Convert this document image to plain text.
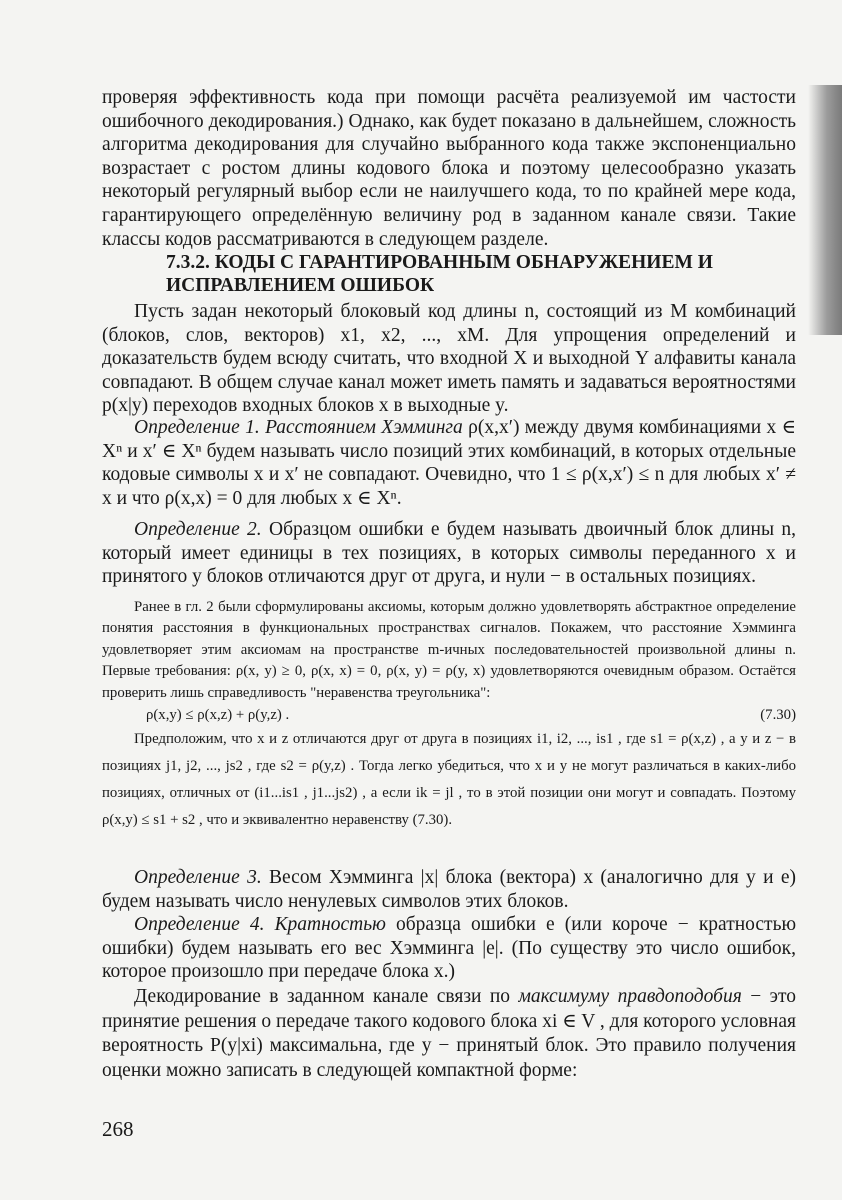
проверяя эффективность кода при помощи расчёта реализуемой им частости ошибочного декодирования.) Однако, как будет показано в дальнейшем, сложность алгоритма декодирования для случайно выбранного кода также экспоненциально возрастает с ростом длины кодового блока и поэтому целесообразно указать некоторый регулярный выбор если не наилучшего кода, то по крайней мере кода, гарантирующего определённую величину pод в заданном канале связи. Такие классы кодов рассматриваются в следующем разделе.

7.3.2. КОДЫ С ГАРАНТИРОВАННЫМ ОБНАРУЖЕНИЕМ И

ИСПРАВЛЕНИЕМ ОШИБОК

Пусть задан некоторый блоковый код длины n, состоящий из M комбинаций (блоков, слов, векторов) x1, x2, ..., xM. Для упрощения определений и доказательств будем всюду считать, что входной X и выходной Y алфавиты канала совпадают. В общем случае канал может иметь память и задаваться вероятностями p(x|y) переходов входных блоков x в выходные y.

Определение 1. Расстоянием Хэмминга ρ(x,x′) между двумя комбинациями x ∈ Xⁿ и x′ ∈ Xⁿ будем называть число позиций этих комбинаций, в которых отдельные кодовые символы x и x′ не совпадают. Очевидно, что 1 ≤ ρ(x,x′) ≤ n для любых x′ ≠ x и что ρ(x,x) = 0 для любых x ∈ Xⁿ.

Определение 2. Образцом ошибки e будем называть двоичный блок длины n, который имеет единицы в тех позициях, в которых символы переданного x и принятого y блоков отличаются друг от друга, и нули − в остальных позициях.

Ранее в гл. 2 были сформулированы аксиомы, которым должно удовлетворять абстрактное определение понятия расстояния в функциональных пространствах сигналов. Покажем, что расстояние Хэмминга удовлетворяет этим аксиомам на пространстве m-ичных последовательностей произвольной длины n. Первые требования: ρ(x, y) ≥ 0, ρ(x, x) = 0, ρ(x, y) = ρ(y, x) удовлетворяются очевидным образом. Остаётся проверить лишь справедливость "неравенства треугольника":

ρ(x,y) ≤ ρ(x,z) + ρ(y,z) .	(7.30)

Предположим, что x и z отличаются друг от друга в позициях i1, i2, ..., is1 , где s1 = ρ(x,z) , а y и z − в позициях j1, j2, ..., js2 , где s2 = ρ(y,z) . Тогда легко убедиться, что x и y не могут различаться в каких-либо позициях, отличных от (i1...is1 , j1...js2) , а если ik = jl , то в этой позиции они могут и совпадать. Поэтому ρ(x,y) ≤ s1 + s2 , что и эквивалентно неравенству (7.30).

Определение 3. Весом Хэмминга |x| блока (вектора) x (аналогично для y и e) будем называть число ненулевых символов этих блоков.

Определение 4. Кратностью образца ошибки e (или короче − кратностью ошибки) будем называть его вес Хэмминга |e|. (По существу это число ошибок, которое произошло при передаче блока x.)

Декодирование в заданном канале связи по максимуму правдоподобия − это принятие решения о передаче такого кодового блока xi ∈ V , для которого условная вероятность P(y|xi) максимальна, где y − принятый блок. Это правило получения оценки можно записать в следующей компактной форме:

268
